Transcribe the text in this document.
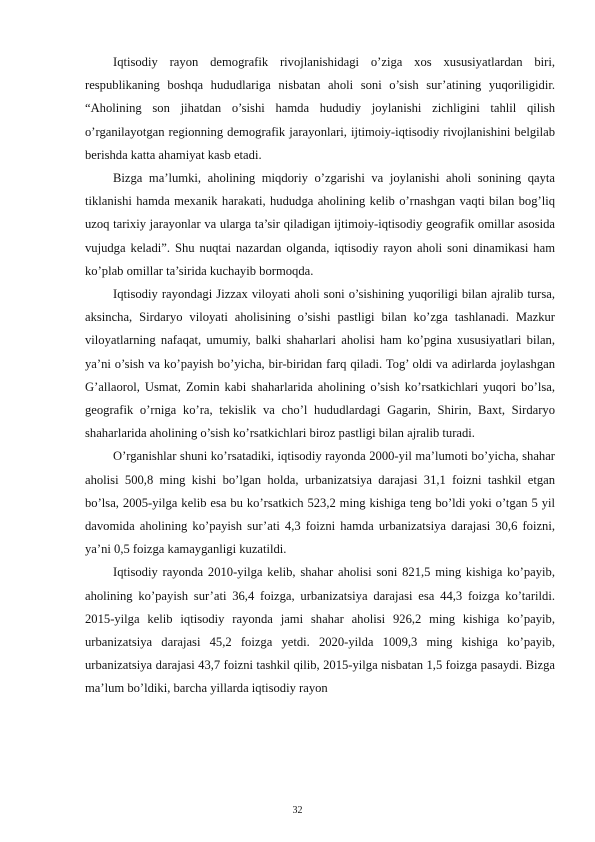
Iqtisodiy rayon demografik rivojlanishidagi o’ziga xos xususiyatlardan biri, respublikaning boshqa hududlariga nisbatan aholi soni o’sish sur’atining yuqoriligidir. “Aholining son jihatdan o’sishi hamda hududiy joylanishi zichligini tahlil qilish o’rganilayotgan regionning demografik jarayonlari, ijtimoiy-iqtisodiy rivojlanishini belgilab berishda katta ahamiyat kasb etadi.

Bizga ma’lumki, aholining miqdoriy o’zgarishi va joylanishi aholi sonining qayta tiklanishi hamda mexanik harakati, hududga aholining kelib o’rnashgan vaqti bilan bog’liq uzoq tarixiy jarayonlar va ularga ta’sir qiladigan ijtimoiy-iqtisodiy geografik omillar asosida vujudga keladi”. Shu nuqtai nazardan olganda, iqtisodiy rayon aholi soni dinamikasi ham ko’plab omillar ta’sirida kuchayib bormoqda.

Iqtisodiy rayondagi Jizzax viloyati aholi soni o’sishining yuqoriligi bilan ajralib tursa, aksincha, Sirdaryo viloyati aholisining o’sishi pastligi bilan ko’zga tashlanadi. Mazkur viloyatlarning nafaqat, umumiy, balki shaharlari aholisi ham ko’pgina xususiyatlari bilan, ya’ni o’sish va ko’payish bo’yicha, bir-biridan farq qiladi. Tog’ oldi va adirlarda joylashgan G’allaorol, Usmat, Zomin kabi shaharlarida aholining o’sish ko’rsatkichlari yuqori bo’lsa, geografik o’rniga ko’ra, tekislik va cho’l hududlardagi Gagarin, Shirin, Baxt, Sirdaryo shaharlarida aholining o’sish ko’rsatkichlari biroz pastligi bilan ajralib turadi.

O’rganishlar shuni ko’rsatadiki, iqtisodiy rayonda 2000-yil ma’lumoti bo’yicha, shahar aholisi 500,8 ming kishi bo’lgan holda, urbanizatsiya darajasi 31,1 foizni tashkil etgan bo’lsa, 2005-yilga kelib esa bu ko’rsatkich 523,2 ming kishiga teng bo’ldi yoki o’tgan 5 yil davomida aholining ko’payish sur’ati 4,3 foizni hamda urbanizatsiya darajasi 30,6 foizni, ya’ni 0,5 foizga kamayganligi kuzatildi.

Iqtisodiy rayonda 2010-yilga kelib, shahar aholisi soni 821,5 ming kishiga ko’payib, aholining ko’payish sur’ati 36,4 foizga, urbanizatsiya darajasi esa 44,3 foizga ko’tarildi. 2015-yilga kelib iqtisodiy rayonda jami shahar aholisi 926,2 ming kishiga ko’payib, urbanizatsiya darajasi 45,2 foizga yetdi. 2020-yilda 1009,3 ming kishiga ko’payib, urbanizatsiya darajasi 43,7 foizni tashkil qilib, 2015-yilga nisbatan 1,5 foizga pasaydi. Bizga ma’lum bo’ldiki, barcha yillarda iqtisodiy rayon

32
